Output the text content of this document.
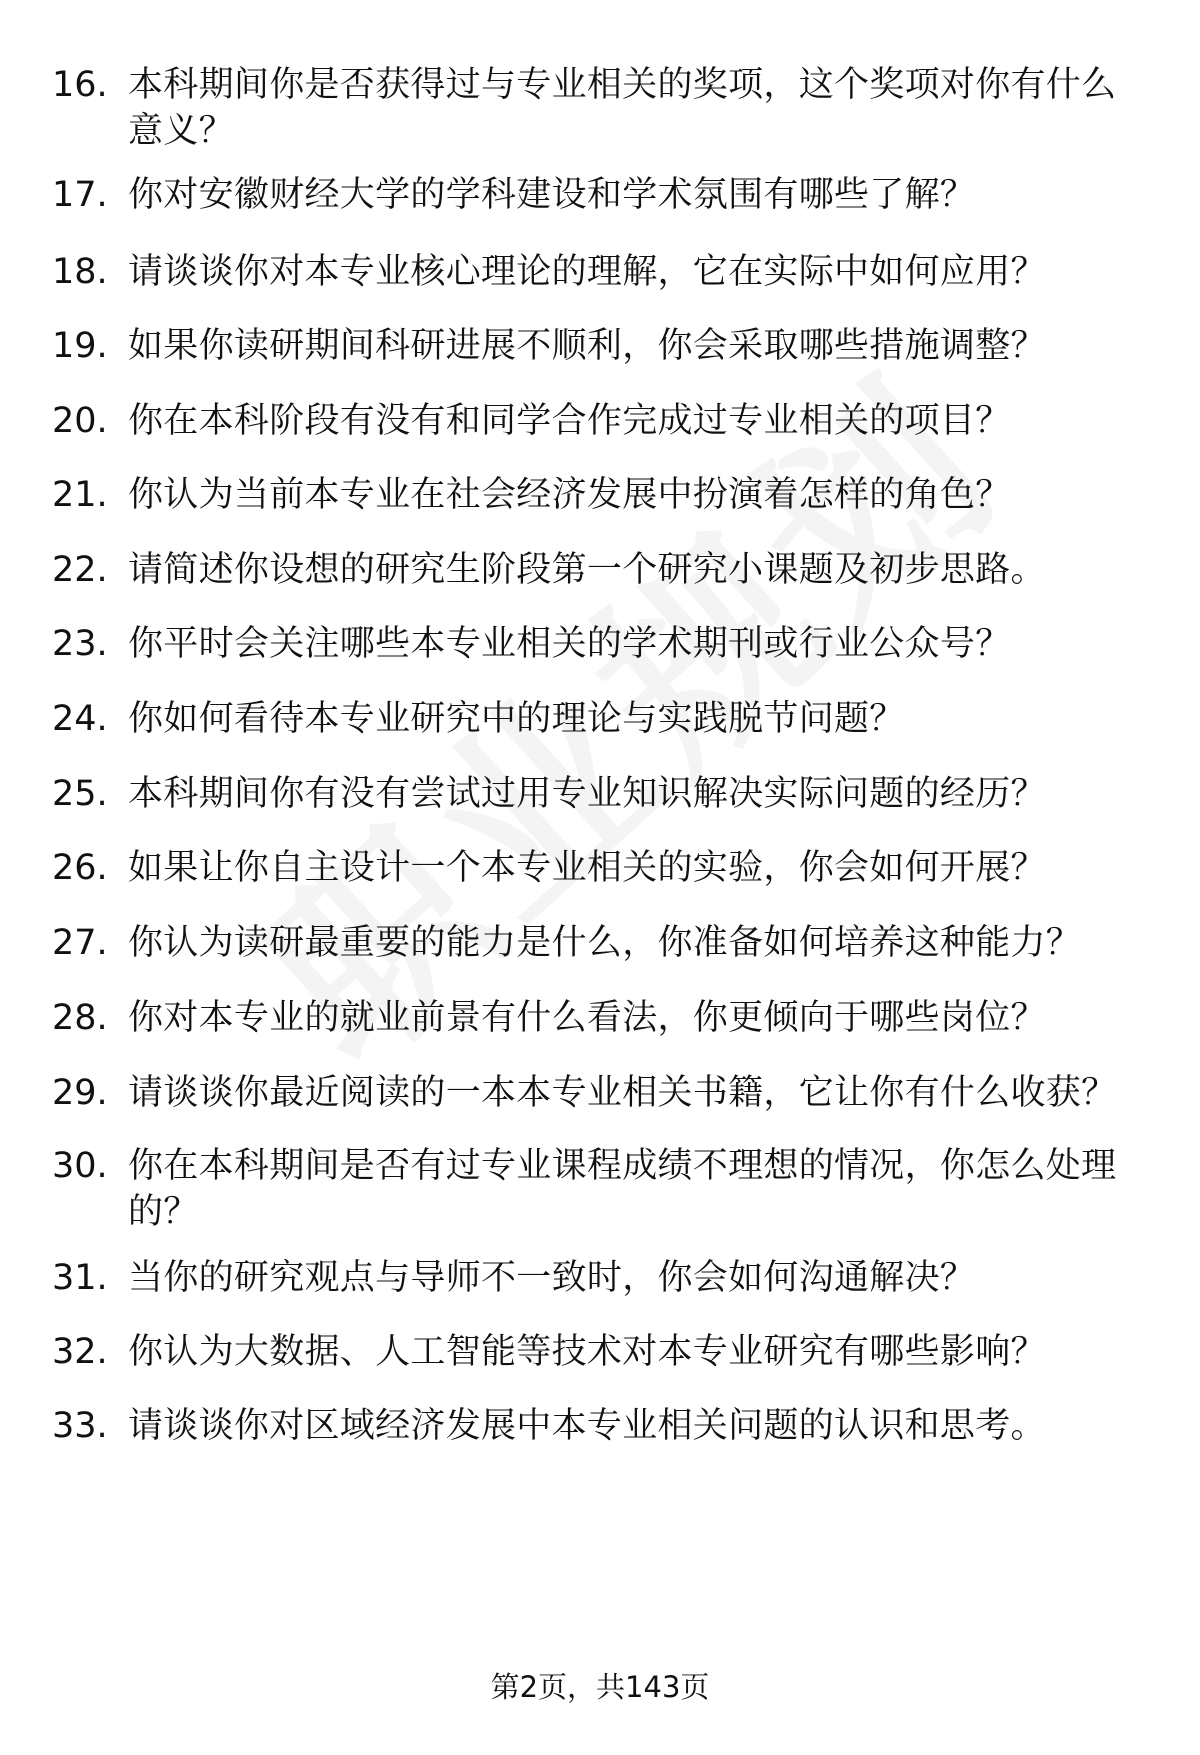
16. 本科期间你是否获得过与专业相关的奖项，这个奖项对你有什么意义？
17. 你对安徽财经大学的学科建设和学术氛围有哪些了解？
18. 请谈谈你对本专业核心理论的理解，它在实际中如何应用？
19. 如果你读研期间科研进展不顺利，你会采取哪些措施调整？
20. 你在本科阶段有没有和同学合作完成过专业相关的项目？
21. 你认为当前本专业在社会经济发展中扮演着怎样的角色？
22. 请简述你设想的研究生阶段第一个研究小课题及初步思路。
23. 你平时会关注哪些本专业相关的学术期刊或行业公众号？
24. 你如何看待本专业研究中的理论与实践脱节问题？
25. 本科期间你有没有尝试过用专业知识解决实际问题的经历？
26. 如果让你自主设计一个本专业相关的实验，你会如何开展？
27. 你认为读研最重要的能力是什么，你准备如何培养这种能力？
28. 你对本专业的就业前景有什么看法，你更倾向于哪些岗位？
29. 请谈谈你最近阅读的一本本专业相关书籍，它让你有什么收获？
30. 你在本科期间是否有过专业课程成绩不理想的情况，你怎么处理的？
31. 当你的研究观点与导师不一致时，你会如何沟通解决？
32. 你认为大数据、人工智能等技术对本专业研究有哪些影响？
33. 请谈谈你对区域经济发展中本专业相关问题的认识和思考。
第2页，共143页
